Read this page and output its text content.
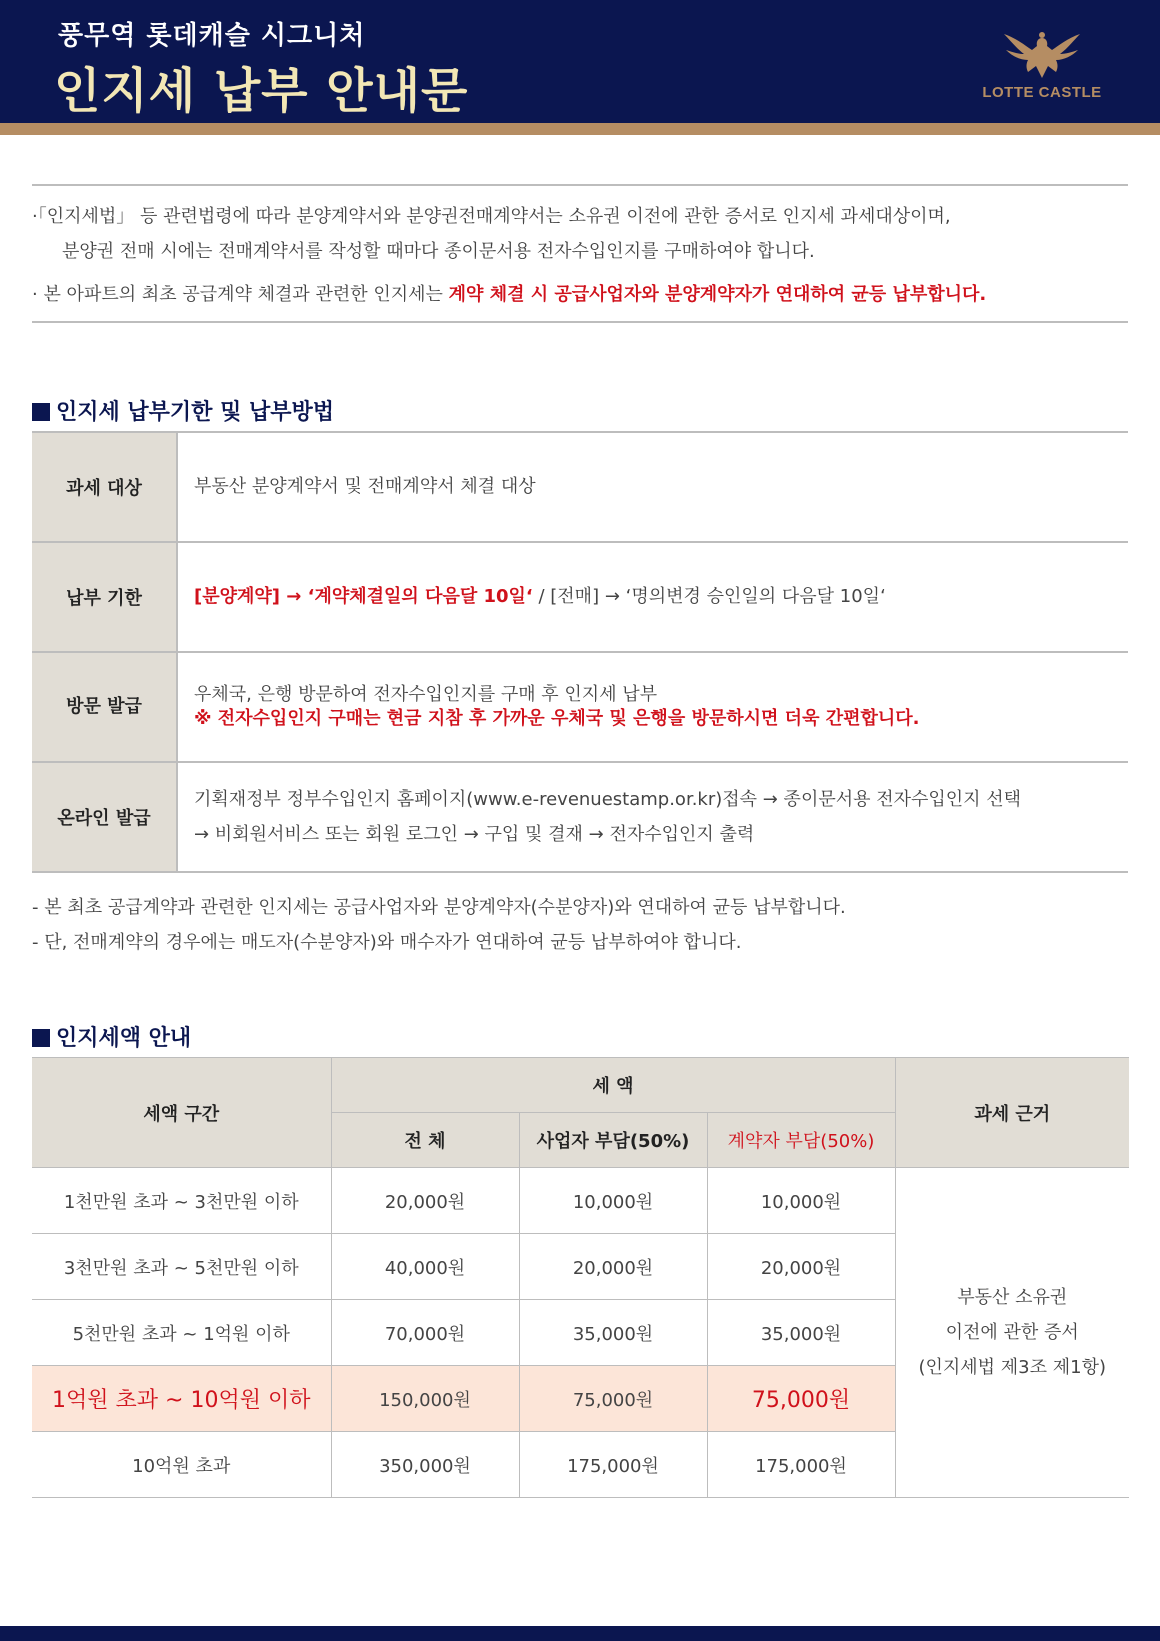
풍무역 롯데캐슬 시그니처
인지세 납부 안내문	LOTTE CASTLE
·「인지세법」 등 관련법령에 따라 분양계약서와 분양권전매계약서는 소유권 이전에 관한 증서로 인지세 과세대상이며,
분양권 전매 시에는 전매계약서를 작성할 때마다 종이문서용 전자수입인지를 구매하여야 합니다.
· 본 아파트의 최초 공급계약 체결과 관련한 인지세는 계약 체결 시 공급사업자와 분양계약자가 연대하여 균등 납부합니다.
인지세 납부기한 및 납부방법
과세 대상	부동산 분양계약서 및 전매계약서 체결 대상

납부 기한	[분양계약] → ‘계약체결일의 다음달 10일‘ / [전매] → ‘명의변경 승인일의 다음달 10일‘

방문 발급	우체국, 은행 방문하여 전자수입인지를 구매 후 인지세 납부
※ 전자수입인지 구매는 현금 지참 후 가까운 우체국 및 은행을 방문하시면 더욱 간편합니다.

온라인 발급	기획재정부 정부수입인지 홈페이지(www.e-revenuestamp.or.kr)접속 → 종이문서용 전자수입인지 선택
→ 비회원서비스 또는 회원 로그인 → 구입 및 결재 → 전자수입인지 출력
- 본 최초 공급계약과 관련한 인지세는 공급사업자와 분양계약자(수분양자)와 연대하여 균등 납부합니다.
- 단, 전매계약의 경우에는 매도자(수분양자)와 매수자가 연대하여 균등 납부하여야 합니다.
인지세액 안내
세액 구간	세 액			과세 근거
	전 체	사업자 부담(50%)	계약자 부담(50%)	
1천만원 초과 ~ 3천만원 이하	20,000원	10,000원	10,000원	부동산 소유권
이전에 관한 증서
(인지세법 제3조 제1항)

3천만원 초과 ~ 5천만원 이하	40,000원	20,000원	20,000원	
5천만원 초과 ~ 1억원 이하	70,000원	35,000원	35,000원	
1억원 초과 ~ 10억원 이하	150,000원	75,000원	75,000원	
10억원 초과	350,000원	175,000원	175,000원	
